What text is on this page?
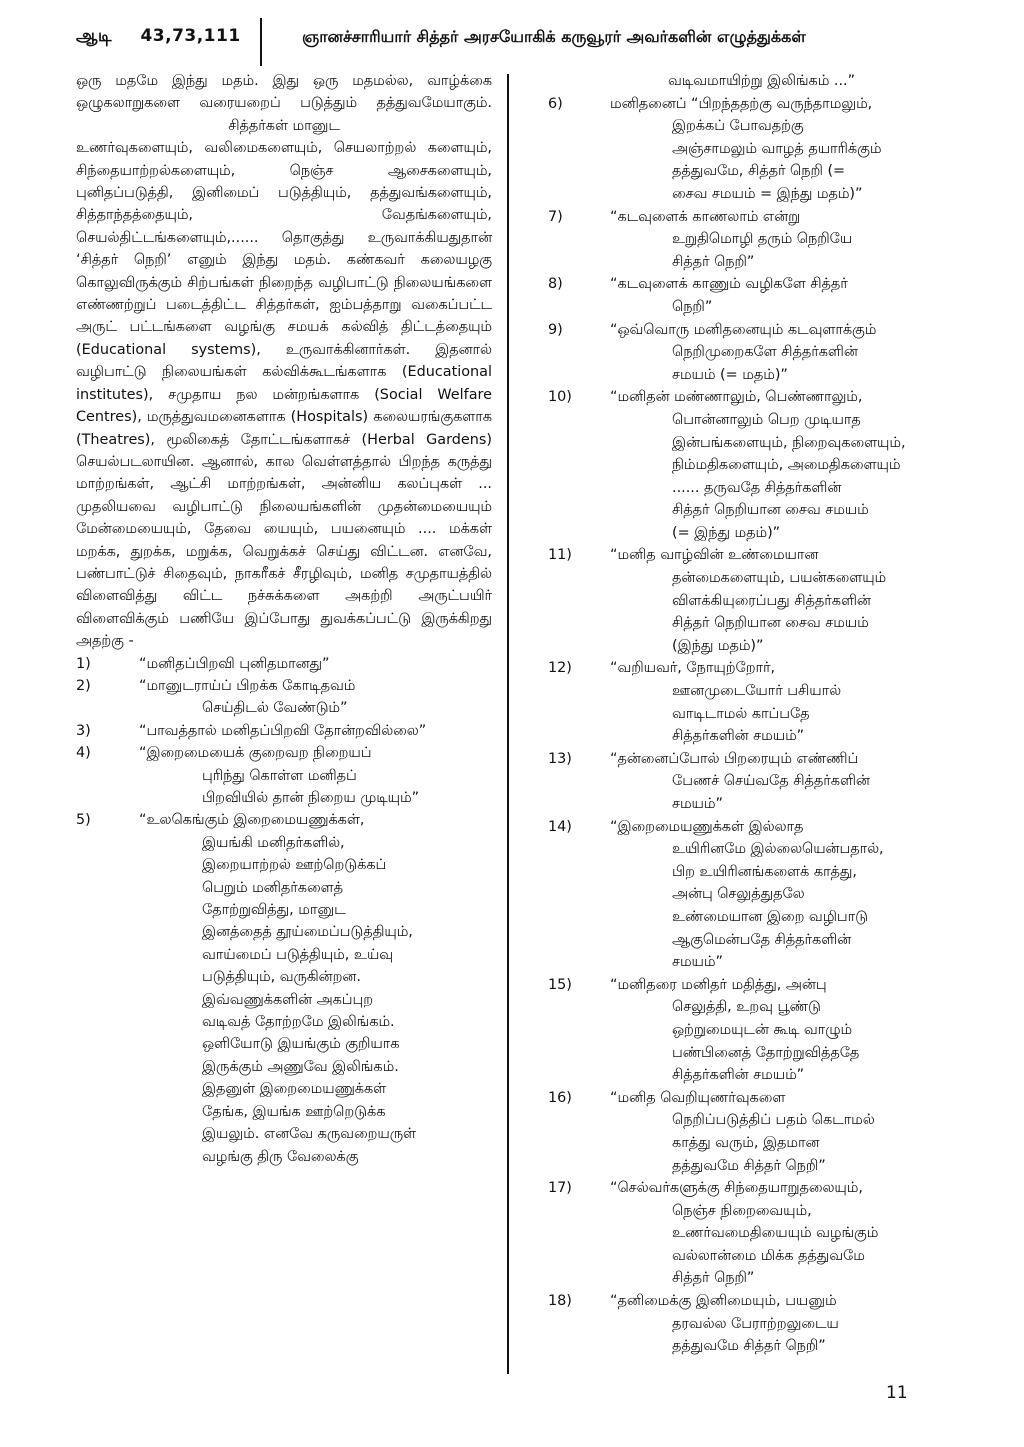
ஆடி 43,73,111	ஞானச்சாரியார் சித்தர் அரசயோகிக் கருவூரர் அவர்களின் எழுத்துக்கள்

ஒரு மதமே இந்து மதம். இது ஒரு மதமல்ல, வாழ்க்கை ஒழுகலாறுகளை வரையறைப் படுத்தும் தத்துவமேயாகும்.

சித்தர்கள் மானுட

உணர்வுகளையும், வலிமைகளையும், செயலாற்றல் களையும், சிந்தையாற்றல்களையும், நெஞ்ச ஆசைகளையும், புனிதப்படுத்தி, இனிமைப் படுத்தியும், தத்துவங்களையும், சித்தாந்தத்தையும், வேதங்களையும், செயல்திட்டங்களையும்,...... தொகுத்து உருவாக்கியதுதான் ‘சித்தர் நெறி’ எனும் இந்து மதம். கண்கவர் கலையழகு கொலுவிருக்கும் சிற்பங்கள் நிறைந்த வழிபாட்டு நிலையங்களை எண்ணற்றுப் படைத்திட்ட சித்தர்கள், ஐம்பத்தாறு வகைப்பட்ட அருட் பட்டங்களை வழங்கு சமயக் கல்வித் திட்டத்தையும் (Educational systems), உருவாக்கினார்கள். இதனால் வழிபாட்டு நிலையங்கள் கல்விக்கூடங்களாக (Educational institutes), சமுதாய நல மன்றங்களாக (Social Welfare Centres), மருத்துவமனைகளாக (Hospitals) கலையரங்குகளாக (Theatres), மூலிகைத் தோட்டங்களாகச் (Herbal Gardens) செயல்படலாயின. ஆனால், கால வெள்ளத்தால் பிறந்த கருத்து மாற்றங்கள், ஆட்சி மாற்றங்கள், அன்னிய கலப்புகள் ... முதலியவை வழிபாட்டு நிலையங்களின் முதன்மையையும் மேன்மையையும், தேவை யையும், பயனையும் .... மக்கள் மறக்க, துறக்க, மறுக்க, வெறுக்கச் செய்து விட்டன. எனவே, பண்பாட்டுச் சிதைவும், நாகரீகச் சீரழிவும், மனித சமுதாயத்தில் விளைவித்து விட்ட நச்சுக்களை அகற்றி அருட்பயிர் விளைவிக்கும் பணியே இப்போது துவக்கப்பட்டு இருக்கிறது அதற்கு -

1)	“மனிதப்பிறவி புனிதமானது”
2)	“மானுடராய்ப் பிறக்க கோடிதவம்
செய்திடல் வேண்டும்”
3)	“பாவத்தால் மனிதப்பிறவி தோன்றவில்லை”
4)	“இறைமையைக் குறைவற நிறையப்
புரிந்து கொள்ள மனிதப்
பிறவியில் தான் நிறைய முடியும்”
5)	“உலகெங்கும் இறைமையணுக்கள்,
இயங்கி மனிதர்களில்,
இறையாற்றல் ஊற்றெடுக்கப்
பெறும் மனிதர்களைத்
தோற்றுவித்து, மானுட
இனத்தைத் தூய்மைப்படுத்தியும்,
வாய்மைப் படுத்தியும், உய்வு
படுத்தியும், வருகின்றன.
இவ்வணுக்களின் அகப்புற
வடிவத் தோற்றமே இலிங்கம்.
ஒளியோடு இயங்கும் குறியாக
இருக்கும் அணுவே இலிங்கம்.
இதனுள் இறைமையணுக்கள்
தேங்க, இயங்க ஊற்றெடுக்க
இயலும். எனவே கருவறையருள்
வழங்கு திரு வேலைக்கு
வடிவமாயிற்று இலிங்கம் ...”
6)	மனிதனைப் “பிறந்ததற்கு வருந்தாமலும்,
இறக்கப் போவதற்கு
அஞ்சாமலும் வாழத் தயாரிக்கும்
தத்துவமே, சித்தர் நெறி (=
சைவ சமயம் = இந்து மதம்)”
7)	“கடவுளைக் காணலாம் என்று
உறுதிமொழி தரும் நெறியே
சித்தர் நெறி”
8)	“கடவுளைக் காணும் வழிகளே சித்தர்
நெறி”
9)	“ஒவ்வொரு மனிதனையும் கடவுளாக்கும்
நெறிமுறைகளே சித்தர்களின்
சமயம் (= மதம்)”
10)	“மனிதன் மண்ணாலும், பெண்ணாலும்,
பொன்னாலும் பெற முடியாத
இன்பங்களையும், நிறைவுகளையும்,
நிம்மதிகளையும், அமைதிகளையும்
...... தருவதே சித்தர்களின்
சித்தர் நெறியான சைவ சமயம்
(= இந்து மதம்)”
11)	“மனித வாழ்வின் உண்மையான
தன்மைகளையும், பயன்களையும்
விளக்கியுரைப்பது சித்தர்களின்
சித்தர் நெறியான சைவ சமயம்
(இந்து மதம்)”
12)	“வறியவர், நோயுற்றோர்,
ஊனமுடையோர் பசியால்
வாடிடாமல் காப்பதே
சித்தர்களின் சமயம்”
13)	“தன்னைப்போல் பிறரையும் எண்ணிப்
பேணச் செய்வதே சித்தர்களின்
சமயம்”
14)	“இறைமையணுக்கள் இல்லாத
உயிரினமே இல்லையென்பதால்,
பிற உயிரினங்களைக் காத்து,
அன்பு செலுத்துதலே
உண்மையான இறை வழிபாடு
ஆகுமென்பதே சித்தர்களின்
சமயம்”
15)	“மனிதரை மனிதர் மதித்து, அன்பு
செலுத்தி, உறவு பூண்டு
ஒற்றுமையுடன் கூடி வாழும்
பண்பினைத் தோற்றுவித்ததே
சித்தர்களின் சமயம்”
16)	“மனித வெறியுணர்வுகளை
நெறிப்படுத்திப் பதம் கெடாமல்
காத்து வரும், இதமான
தத்துவமே சித்தர் நெறி”
17)	“செல்வர்களுக்கு சிந்தையாறுதலையும்,
நெஞ்ச நிறைவையும்,
உணர்வமைதியையும் வழங்கும்
வல்லான்மை மிக்க தத்துவமே
சித்தர் நெறி”
18)	“தனிமைக்கு இனிமையும், பயனும்
தரவல்ல பேராற்றலுடைய
தத்துவமே சித்தர் நெறி”
11
